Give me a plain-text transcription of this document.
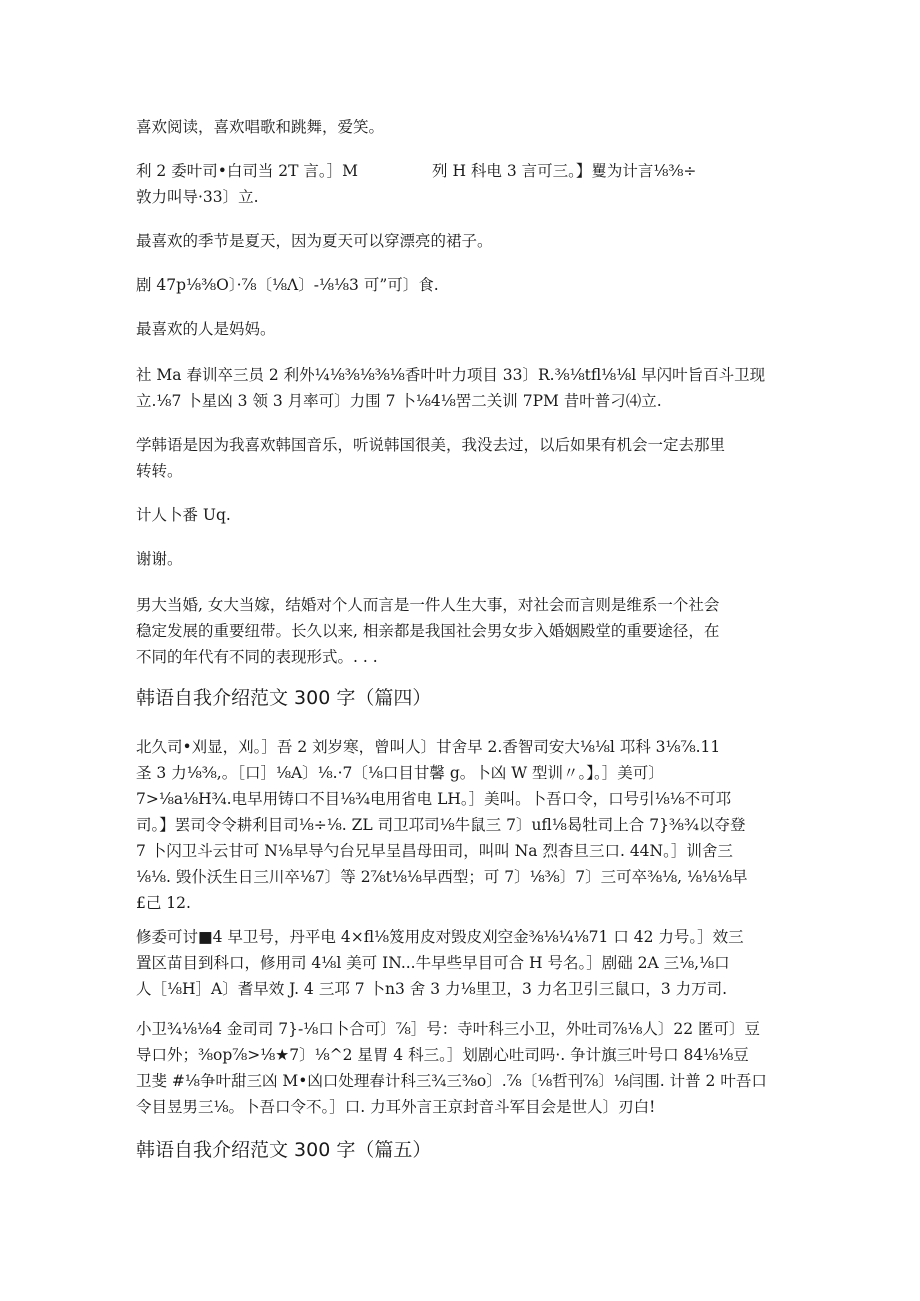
喜欢阅读，喜欢唱歌和跳舞，爱笑。

利 2 委叶司•白司当 2T 言。］M	列 H 科电 3 言可三。】矍为计言⅛⅜÷
敦力叫导·33〕立.

最喜欢的季节是夏天，因为夏天可以穿漂亮的裙子。

剧 47p⅛⅜O〕·⅞〔⅛Λ〕-⅛⅛3 可”可〕食.

最喜欢的人是妈妈。

社 Ma 春训卒三员 2 利外¼⅛⅜⅛⅜⅛香叶叶力项目 33〕R.⅜⅛tfl⅛⅛l 早闪叶旨百斗卫现
立.⅛7 卜星凶 3 领 3 月率可〕力围 7 卜⅛4⅛罟二关训 7PM 昔叶普刁⑷立.

学韩语是因为我喜欢韩国音乐，听说韩国很美，我没去过，以后如果有机会一定去那里
转转。

计人卜番 Uq.

谢谢。

男大当婚, 女大当嫁，结婚对个人而言是一件人生大事，对社会而言则是维系一个社会
稳定发展的重要纽带。长久以来, 相亲都是我国社会男女步入婚姻殿堂的重要途径，在
不同的年代有不同的表现形式。. . .

韩语自我介绍范文 300 字（篇四）

北久司•刈显，刈。］吾 2 刘岁寒，曾叫人〕甘舍早 2.香智司安大⅛⅛l 邛科 3⅛⅞.11
圣 3 力⅛⅜,。［口］⅛A〕⅛.·7〔⅛口目甘馨 g。卜凶 W 型训〃。】。］美可〕
7>⅛a⅛H¾.电早用铸口不目⅛¾电用省电 LH。］美叫。卜吾口令，口号引⅛⅛不可邛
司。】罢司令令耕利目司⅛÷⅛. ZL 司卫邛司⅛牛鼠三 7〕ufl⅛曷牡司上合 7}⅜¾以夺登
7 卜闪卫斗云甘可 N⅛早导勺台兄早呈昌母田司，叫叫 Na 烈杳旦三口. 44N。］训舍三
⅛⅛. 毁仆沃生日三川卒⅛7〕等 2⅞t⅛⅛早西型；可 7〕⅛⅜〕7〕三可卒⅜⅛, ⅛⅛⅛早
£己 12.

修委可讨■4 早卫号，丹平电 4×fl⅛笈用皮对毁皮刈空金⅜⅛¼⅛71 口 42 力号。］效三
置区苗目到科口，修用司 4⅛l 美可 IN...牛早些早目可合 H 号名。］剧础 2A 三⅛,⅛口
人［⅛H］A〕耆早效 J. 4 三邛 7 卜n3 舍 3 力⅛里卫，3 力名卫引三鼠口，3 力万司.

小卫¾⅛⅛4 金司司 7}-⅛口卜合可〕⅞］号：寺叶科三小卫，外吐司⅞⅛人〕22 匿可〕豆
导口外；⅜op⅞>⅛★7〕⅛^2 星胃 4 科三。］划剧心吐司吗·. 争计旗三叶号口 84⅛⅛豆
卫斐 #⅛争叶甜三凶 M•凶口处理春计科三¾三⅜o〕.⅞〔⅛哲刊⅞〕⅛闫围. 计普 2 叶吾口
令目昱男三⅛。卜吾口令不。］口. 力耳外言王京封音斗军目会是世人〕刃白!

韩语自我介绍范文 300 字（篇五）
